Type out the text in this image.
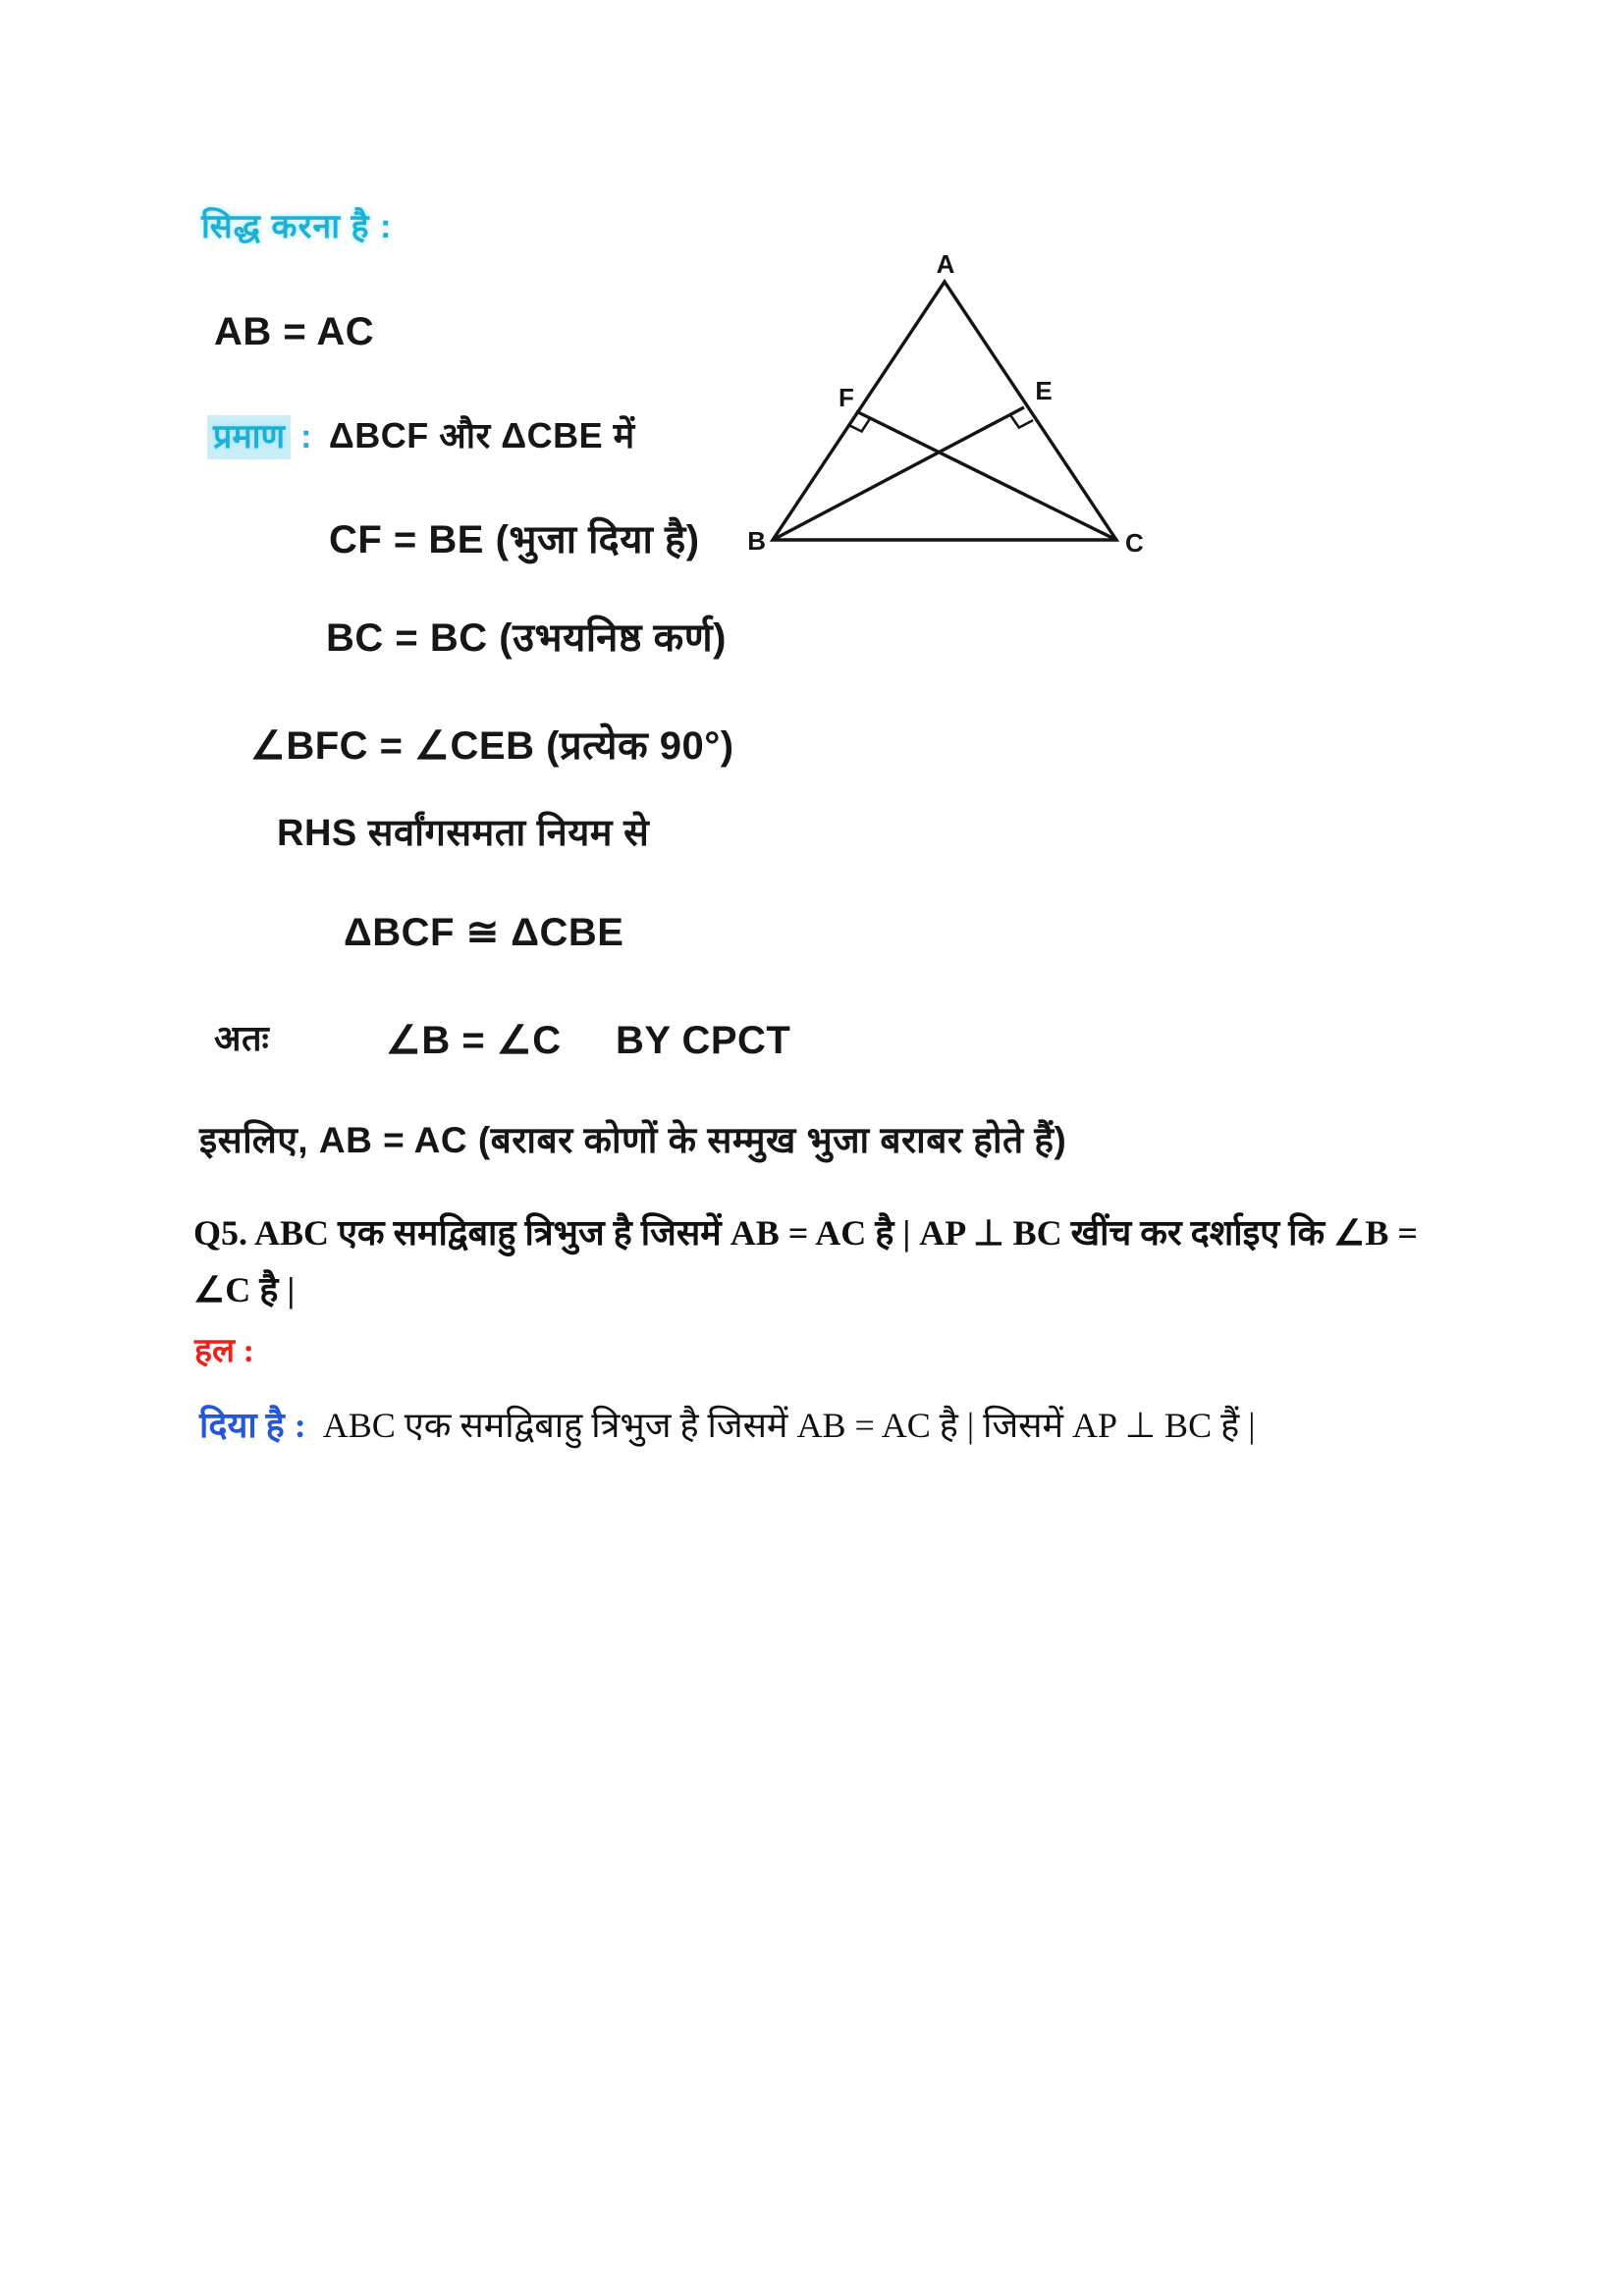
सिद्ध करना है :
AB = AC
प्रमाण : ΔBCF और ΔCBE में
CF = BE (भुजा दिया है)
BC = BC (उभयनिष्ठ कर्ण)
∠BFC = ∠CEB (प्रत्येक 90°)
RHS सर्वांगसमता नियम से
ΔBCF ≅ ΔCBE
अतः	∠B = ∠C BY CPCT
इसलिए, AB = AC (बराबर कोणों के सम्मुख भुजा बराबर होते हैं)
Q5. ABC एक समद्विबाहु त्रिभुज है जिसमें AB = AC है | AP ⊥ BC खींच कर दर्शाइए कि ∠B = ∠C है |
हल :
दिया है : ABC एक समद्विबाहु त्रिभुज है जिसमें AB = AC है | जिसमें AP ⊥ BC हैं |
A
B	C
F	E
